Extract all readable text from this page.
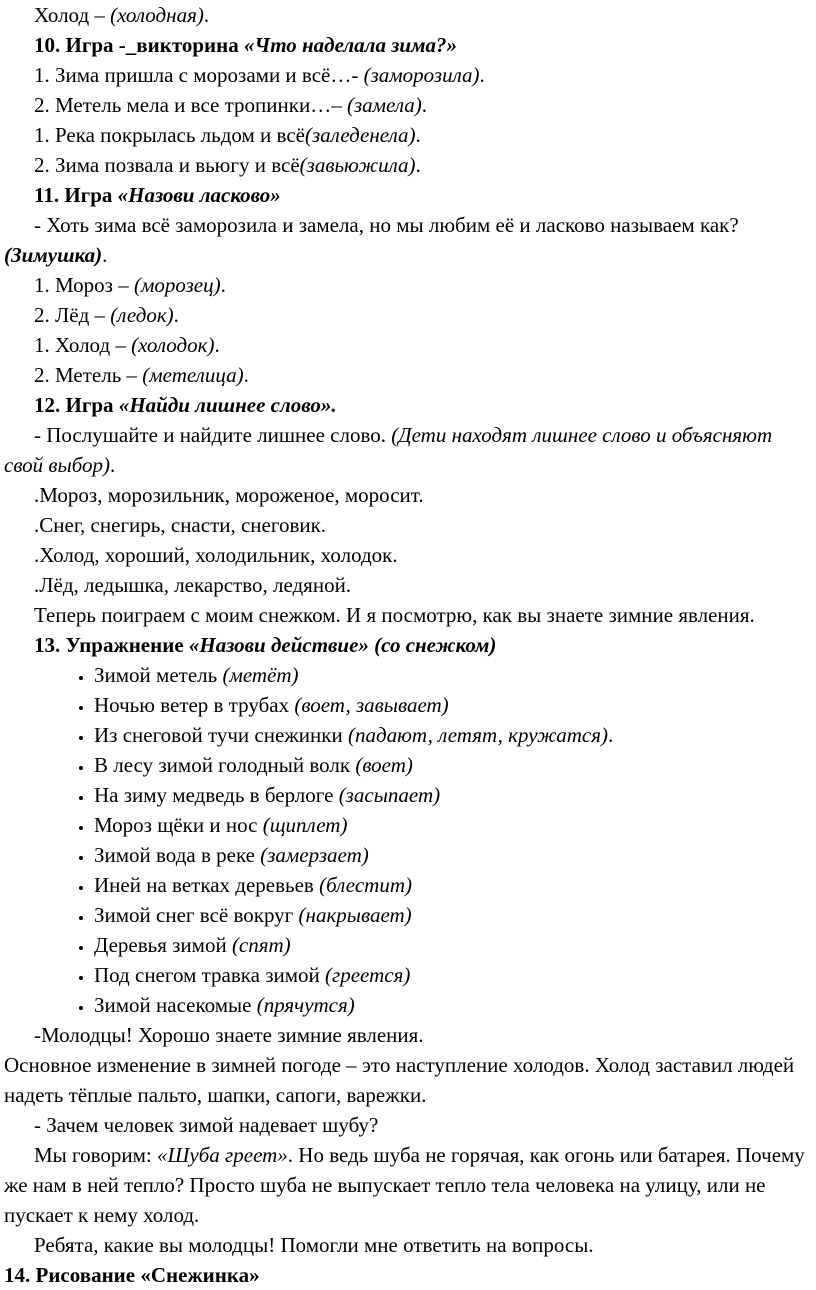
Холод – (холодная).

10. Игра -_викторина «Что наделала зима?»

1. Зима пришла с морозами и всё…- (заморозила).

2. Метель мела и все тропинки…– (замела).

1. Река покрылась льдом и всё(заледенела).

2. Зима позвала и вьюгу и всё(завьюжила).

11. Игра «Назови ласково»

- Хоть зима всё заморозила и замела, но мы любим её и ласково называем как? (Зимушка).

1. Мороз – (морозец).

2. Лёд – (ледок).

1. Холод – (холодок).

2. Метель – (метелица).

12. Игра «Найди лишнее слово».

- Послушайте и найдите лишнее слово. (Дети находят лишнее слово и объясняют свой выбор).

.Мороз, морозильник, мороженое, моросит.

.Снег, снегирь, снасти, снеговик.

.Холод, хороший, холодильник, холодок.

.Лёд, ледышка, лекарство, ледяной.

Теперь поиграем с моим снежком. И я посмотрю, как вы знаете зимние явления.

13. Упражнение «Назови действие» (со снежком)

• Зимой метель (метёт)
• Ночью ветер в трубах (воет, завывает)
• Из снеговой тучи снежинки (падают, летят, кружатся).
• В лесу зимой голодный волк (воет)
• На зиму медведь в берлоге (засыпает)
• Мороз щёки и нос (щиплет)
• Зимой вода в реке (замерзает)
• Иней на ветках деревьев (блестит)
• Зимой снег всё вокруг (накрывает)
• Деревья зимой (спят)
• Под снегом травка зимой (греется)
• Зимой насекомые (прячутся)

-Молодцы! Хорошо знаете зимние явления.

Основное изменение в зимней погоде – это наступление холодов. Холод заставил людей надеть тёплые пальто, шапки, сапоги, варежки.

- Зачем человек зимой надевает шубу?

Мы говорим: «Шуба греет». Но ведь шуба не горячая, как огонь или батарея. Почему же нам в ней тепло? Просто шуба не выпускает тепло тела человека на улицу, или не пускает к нему холод.

Ребята, какие вы молодцы! Помогли мне ответить на вопросы.

14. Рисование «Снежинка»
